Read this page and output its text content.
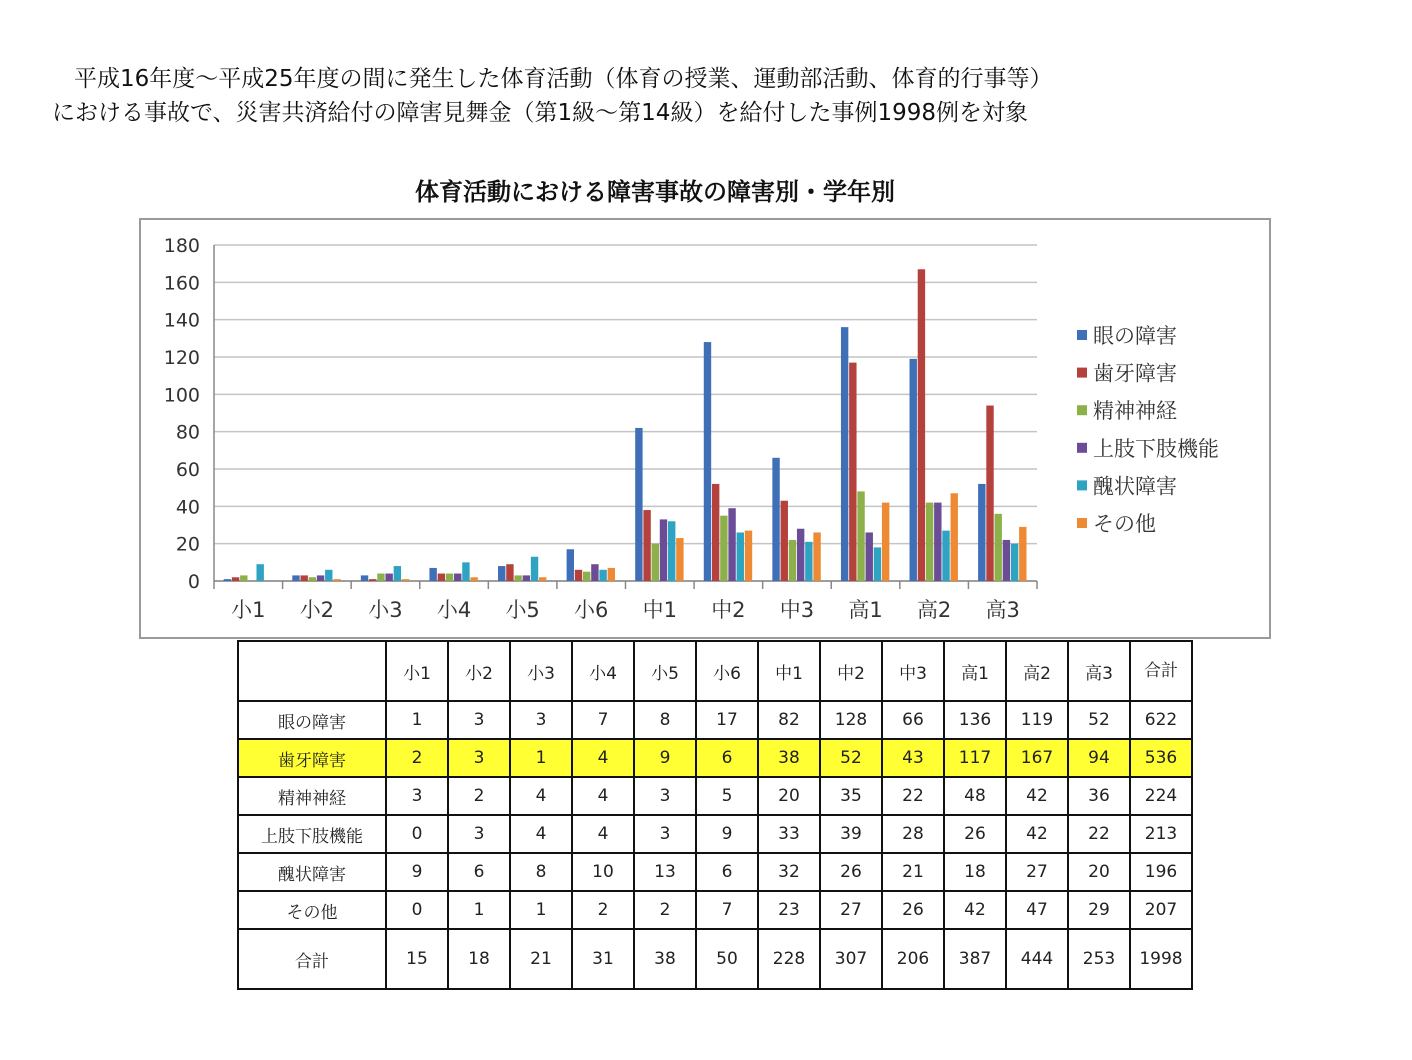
平成16年度～平成25年度の間に発生した体育活動（体育の授業、運動部活動、体育的行事等）
における事故で、災害共済給付の障害見舞金（第1級～第14級）を給付した事例1998例を対象
体育活動における障害事故の障害別・学年別
0
20
40
60
80
100
120
140
160
180
小1 小2 小3 小4 小5 小6 中1 中2 中3 高1 高2 高3
眼の障害
歯牙障害
精神神経
上肢下肢機能
醜状障害
その他
	小1	小2	小3	小4	小5	小6	中1	中2	中3	高1	高2	高3	合計
眼の障害	1	3	3	7	8	17	82	128	66	136	119	52	622
歯牙障害	2	3	1	4	9	6	38	52	43	117	167	94	536
精神神経	3	2	4	4	3	5	20	35	22	48	42	36	224
上肢下肢機能	0	3	4	4	3	9	33	39	28	26	42	22	213
醜状障害	9	6	8	10	13	6	32	26	21	18	27	20	196
その他	0	1	1	2	2	7	23	27	26	42	47	29	207
合計	15	18	21	31	38	50	228	307	206	387	444	253	1998
